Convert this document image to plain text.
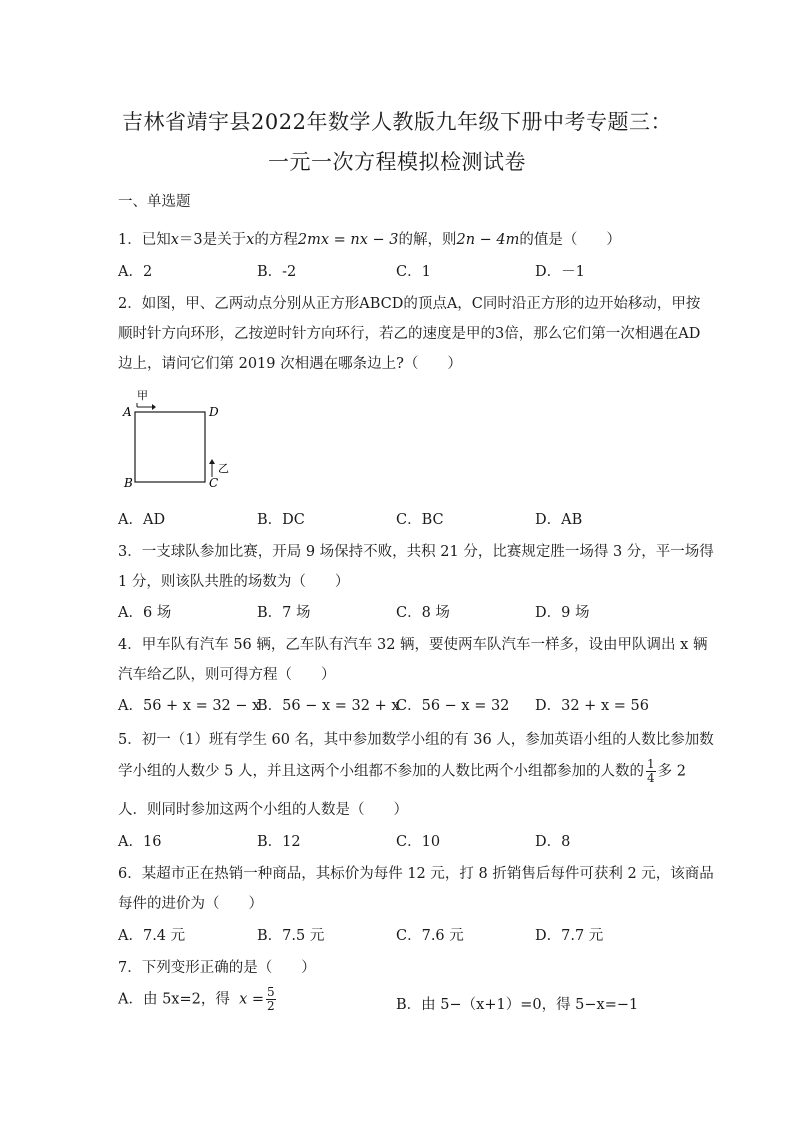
吉林省靖宇县2022年数学人教版九年级下册中考专题三：
一元一次方程模拟检测试卷
一、单选题
1．已知x＝3是关于x的方程2mx = nx − 3的解，则2n − 4m的值是（　　）
A．2	B．-2	C．1	D．－1
2．如图，甲、乙两动点分别从正方形ABCD的顶点A，C同时沿正方形的边开始移动，甲按
顺时针方向环形，乙按逆时针方向环行，若乙的速度是甲的3倍，那么它们第一次相遇在AD
边上，请问它们第 2019 次相遇在哪条边上?（　　）
A	D
B	C
甲
乙
A．AD	B．DC	C．BC	D．AB
3．一支球队参加比赛，开局 9 场保持不败，共积 21 分，比赛规定胜一场得 3 分，平一场得
1 分，则该队共胜的场数为（　　）
A．6 场	B．7 场	C．8 场	D．9 场
4．甲车队有汽车 56 辆，乙车队有汽车 32 辆，要使两车队汽车一样多，设由甲队调出 x 辆
汽车给乙队，则可得方程（　　）
A．56 + x = 32 − x
B．56 − x = 32 + x
C．56 − x = 32 D．32 + x = 56
5．初一（1）班有学生 60 名，其中参加数学小组的有 36 人，参加英语小组的人数比参加数
学小组的人数少 5 人，并且这两个小组都不参加的人数比两个小组都参加的人数的 $\frac{1}{4}$ 多 2
人．则同时参加这两个小组的人数是（　　）
A．16	B．12	C．10	D．8
6．某超市正在热销一种商品，其标价为每件 12 元，打 8 折销售后每件可获利 2 元，该商品
每件的进价为（　　）
A．7.4 元	B．7.5 元	C．7.6 元	D．7.7 元
7．下列变形正确的是（　　）
A．由 5x=2，得 $x = \frac{5}{2}$	B．由 5−（x+1）=0，得 5−x=−1
